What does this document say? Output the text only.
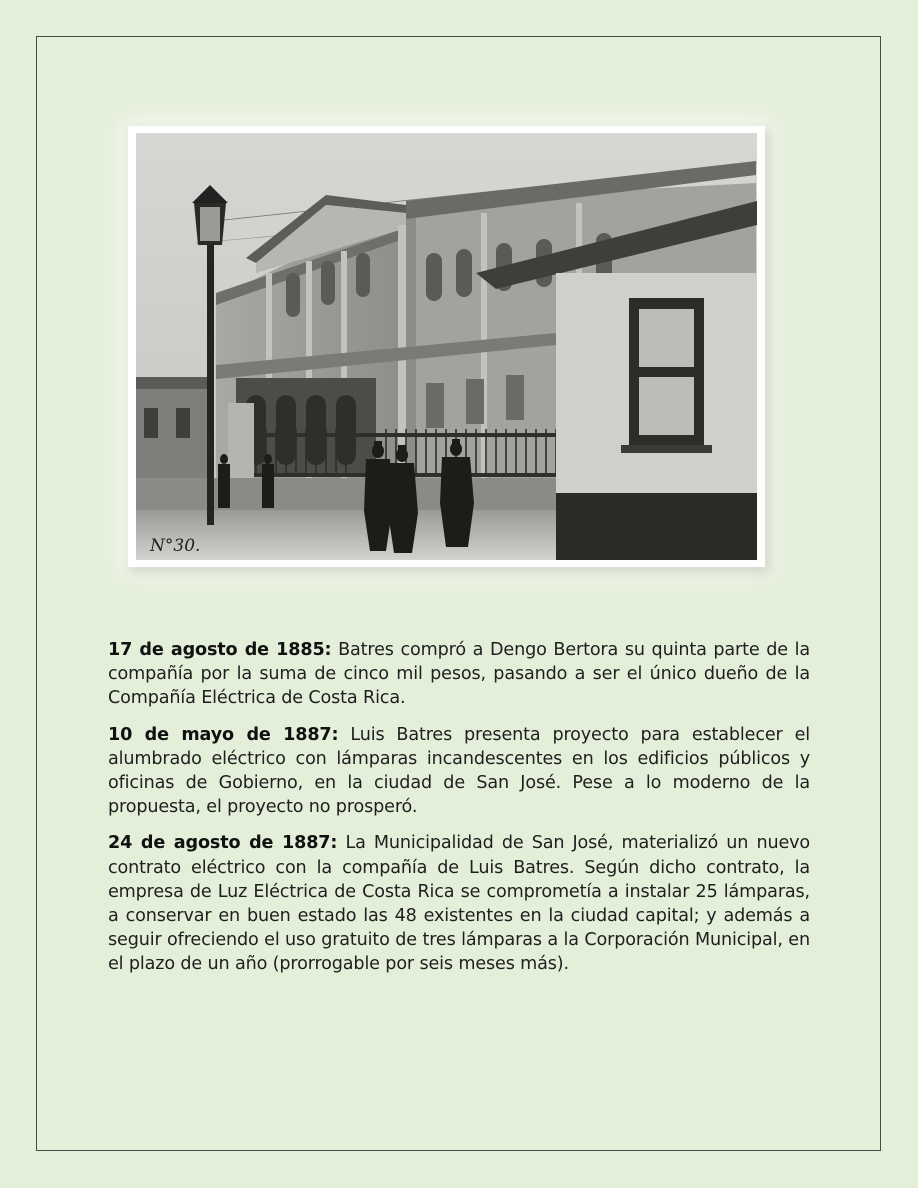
N°30.

17 de agosto de 1885: Batres compró a Dengo Bertora su quinta parte de la compañía por la suma de cinco mil pesos, pasando a ser el único dueño de la Compañía Eléctrica de Costa Rica.

10 de mayo de 1887: Luis Batres presenta proyecto para establecer el alumbrado eléctrico con lámparas incandescentes en los edificios públicos y oficinas de Gobierno, en la ciudad de San José. Pese a lo moderno de la propuesta, el proyecto no prosperó.

24 de agosto de 1887: La Municipalidad de San José, materializó un nuevo contrato eléctrico con la compañía de Luis Batres. Según dicho contrato, la empresa de Luz Eléctrica de Costa Rica se comprometía a instalar 25 lámparas, a conservar en buen estado las 48 existentes en la ciudad capital; y además a seguir ofreciendo el uso gratuito de tres lámparas a la Corporación Municipal, en el plazo de un año (prorrogable por seis meses más).
